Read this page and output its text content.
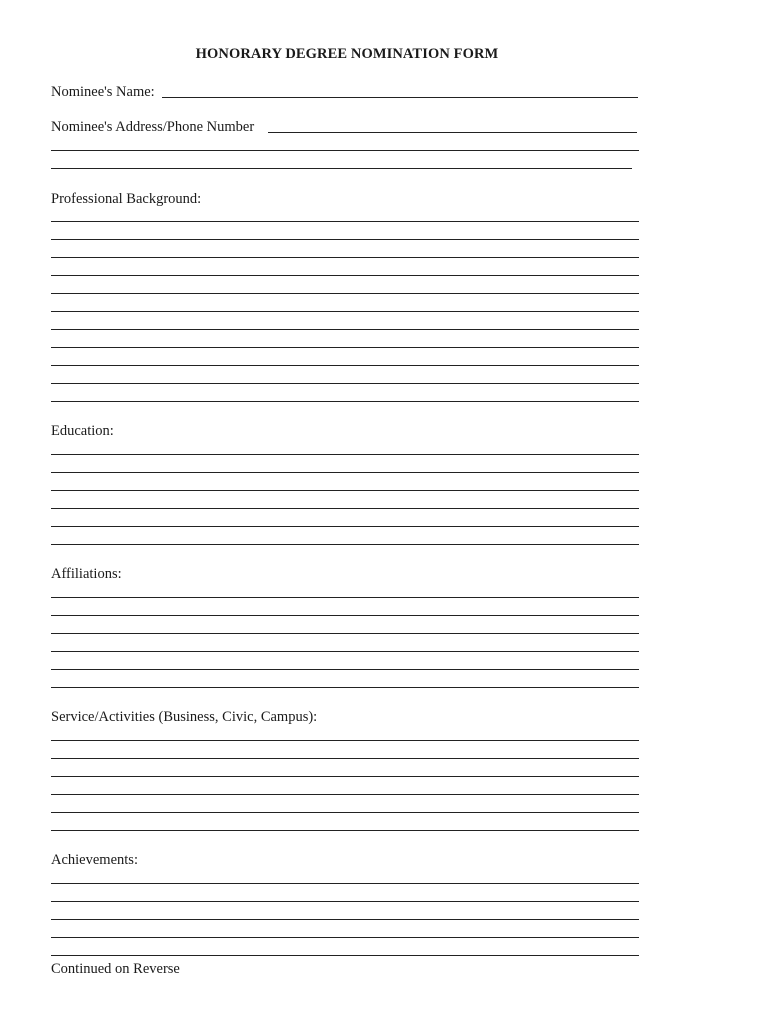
HONORARY DEGREE NOMINATION FORM
Nominee's Name:
Nominee's Address/Phone Number
Professional Background:
Education:
Affiliations:
Service/Activities (Business, Civic, Campus):
Achievements:
Continued on Reverse
